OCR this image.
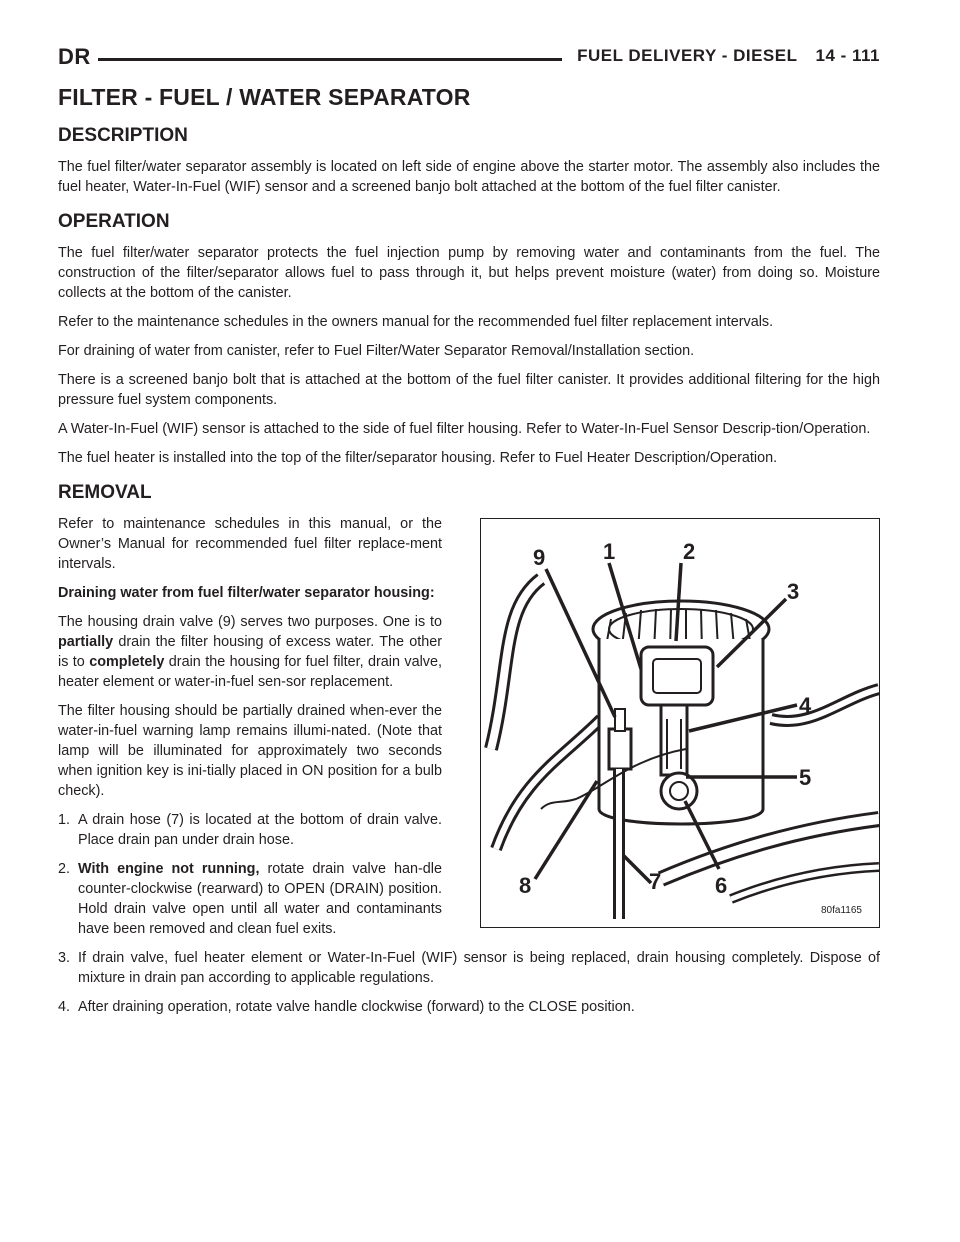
DR	FUEL DELIVERY - DIESEL 14 - 111
FILTER - FUEL / WATER SEPARATOR
DESCRIPTION

The fuel filter/water separator assembly is located on left side of engine above the starter motor. The assembly also includes the fuel heater, Water-In-Fuel (WIF) sensor and a screened banjo bolt attached at the bottom of the fuel filter canister.

OPERATION

The fuel filter/water separator protects the fuel injection pump by removing water and contaminants from the fuel. The construction of the filter/separator allows fuel to pass through it, but helps prevent moisture (water) from doing so. Moisture collects at the bottom of the canister.

Refer to the maintenance schedules in the owners manual for the recommended fuel filter replacement intervals.

For draining of water from canister, refer to Fuel Filter/Water Separator Removal/Installation section.

There is a screened banjo bolt that is attached at the bottom of the fuel filter canister. It provides additional filtering for the high pressure fuel system components.

A Water-In-Fuel (WIF) sensor is attached to the side of fuel filter housing. Refer to Water-In-Fuel Sensor Descrip-tion/Operation.

The fuel heater is installed into the top of the filter/separator housing. Refer to Fuel Heater Description/Operation.

REMOVAL

Refer to maintenance schedules in this manual, or the Owner’s Manual for recommended fuel filter replace-ment intervals.

Draining water from fuel filter/water separator housing:

The housing drain valve (9) serves two purposes. One is to partially drain the filter housing of excess water. The other is to completely drain the housing for fuel filter, drain valve, heater element or water-in-fuel sen-sor replacement.

The filter housing should be partially drained when-ever the water-in-fuel warning lamp remains illumi-nated. (Note that lamp will be illuminated for approximately two seconds when ignition key is ini-tially placed in ON position for a bulb check).

1. A drain hose (7) is located at the bottom of drain valve. Place drain pan under drain hose.
2. With engine not running, rotate drain valve han-dle counter-clockwise (rearward) to OPEN (DRAIN) position. Hold drain valve open until all water and contaminants have been removed and clean fuel exits.
3. If drain valve, fuel heater element or Water-In-Fuel (WIF) sensor is being replaced, drain housing completely. Dispose of mixture in drain pan according to applicable regulations.
4. After draining operation, rotate valve handle clockwise (forward) to the CLOSE position.
9	1	2
3
4
5
6
7
8
80fa1165
